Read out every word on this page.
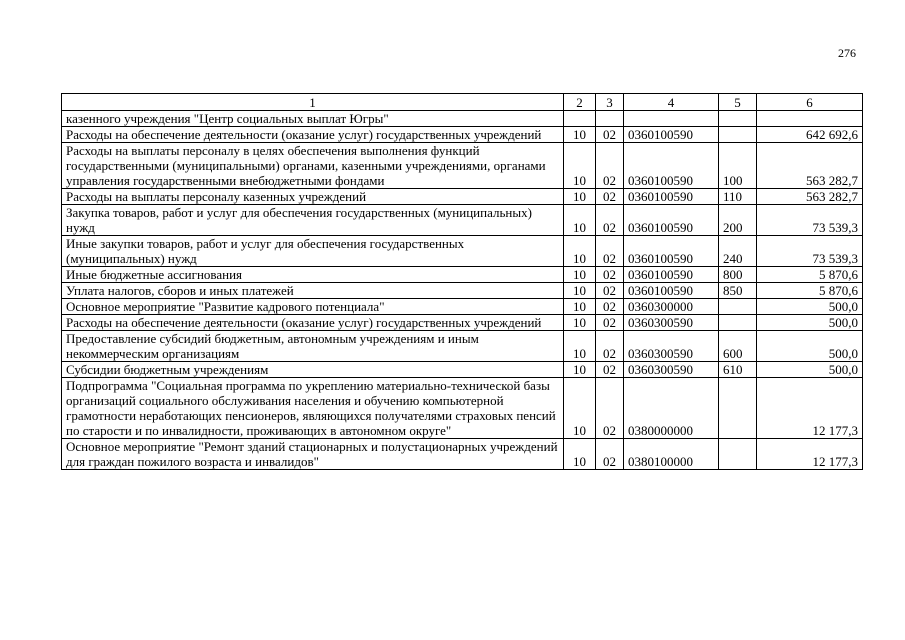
276
1	2	3	4	5	6
казенного учреждения "Центр социальных выплат Югры"					
Расходы на обеспечение деятельности (оказание услуг) государственных учреждений	10	02	0360100590		642 692,6
Расходы на выплаты персоналу в целях обеспечения выполнения функций государственными (муниципальными) органами, казенными учреждениями, органами управления государственными внебюджетными фондами	10	02	0360100590	100	563 282,7
Расходы на выплаты персоналу казенных учреждений	10	02	0360100590	110	563 282,7
Закупка товаров, работ и услуг для обеспечения государственных (муниципальных) нужд	10	02	0360100590	200	73 539,3
Иные закупки товаров, работ и услуг для обеспечения государственных (муниципальных) нужд	10	02	0360100590	240	73 539,3
Иные бюджетные ассигнования	10	02	0360100590	800	5 870,6
Уплата налогов, сборов и иных платежей	10	02	0360100590	850	5 870,6
Основное мероприятие "Развитие кадрового потенциала"	10	02	0360300000		500,0
Расходы на обеспечение деятельности (оказание услуг) государственных учреждений	10	02	0360300590		500,0
Предоставление субсидий бюджетным, автономным учреждениям и иным некоммерческим организациям	10	02	0360300590	600	500,0
Субсидии бюджетным учреждениям	10	02	0360300590	610	500,0
Подпрограмма "Социальная программа по укреплению материально-технической базы организаций социального обслуживания населения и обучению компьютерной грамотности неработающих пенсионеров, являющихся получателями страховых пенсий по старости и по инвалидности, проживающих в автономном округе"	10	02	0380000000		12 177,3
Основное мероприятие "Ремонт зданий стационарных и полустационарных учреждений для граждан пожилого возраста и инвалидов"	10	02	0380100000		12 177,3
